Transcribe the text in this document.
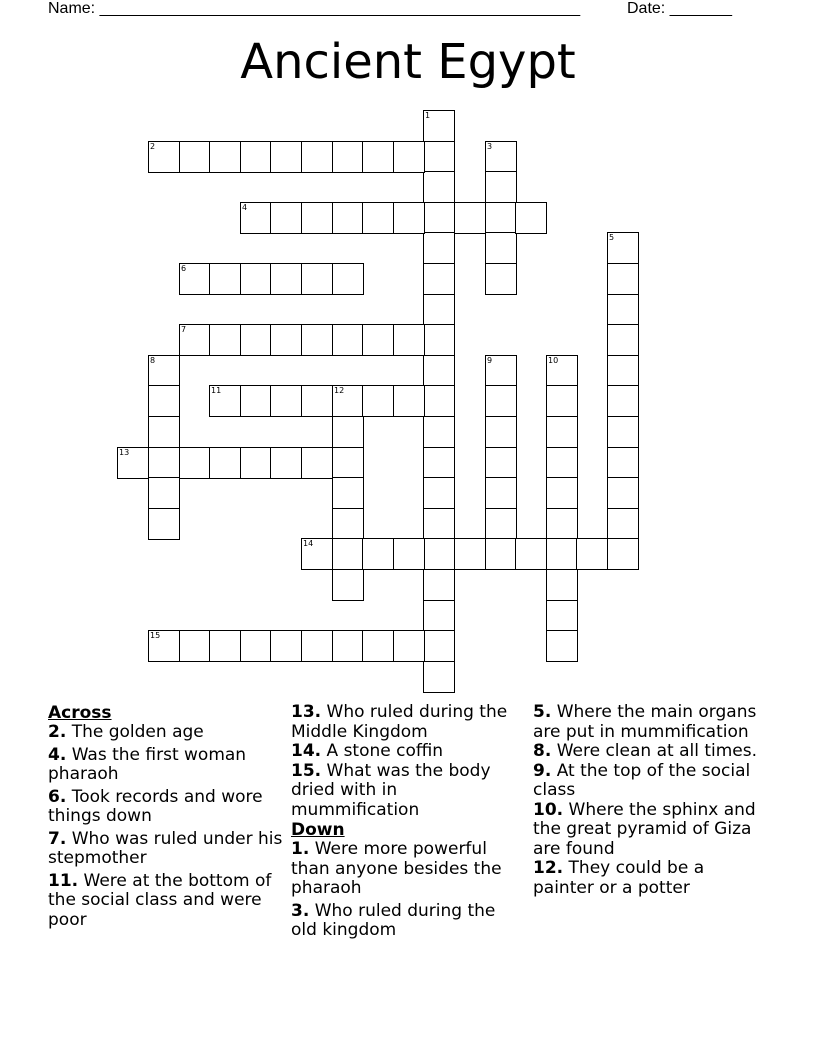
Name: ______________________________________________________	Date: _______
Ancient Egypt
1
2	3
4
5
6
7
8	9	10
11	12
13
14
15
Across
2. The golden age
4. Was the first woman pharaoh
6. Took records and wore things down
7. Who was ruled under his stepmother
11. Were at the bottom of the social class and were poor
13. Who ruled during the Middle Kingdom
14. A stone coffin
15. What was the body dried with in mummification
Down
1. Were more powerful than anyone besides the pharaoh
3. Who ruled during the old kingdom
5. Where the main organs are put in mummification
8. Were clean at all times.
9. At the top of the social class
10. Where the sphinx and the great pyramid of Giza are found
12. They could be a painter or a potter
